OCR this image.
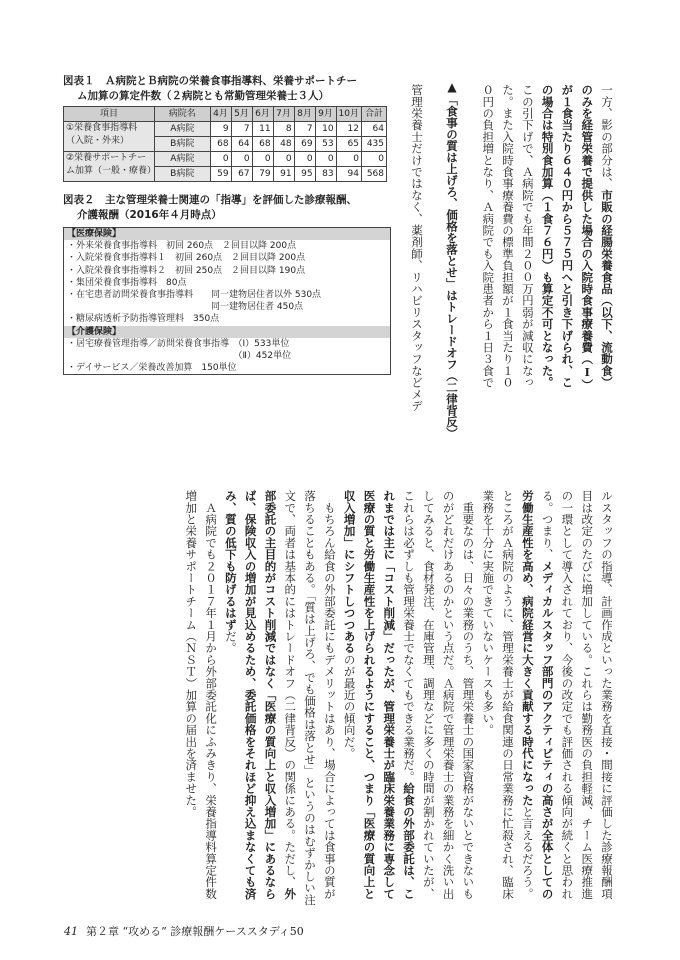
図表１　Ａ病院とＢ病院の栄養食事指導料、栄養サポートチー
ム加算の算定件数（２病院とも常勤管理栄養士３人）
項目	病院名	4月	5月	6月	7月	8月	9月	10月	合計
①栄養食事指導料（入院・外来）	A病院	9	7	11	8	7	10	12	64
	B病院	68	64	68	48	69	53	65	435
②栄養サポートチーム加算（一般・療養）	A病院	0	0	0	0	0	0	0	0
	B病院	59	67	79	91	95	83	94	568
図表２　主な管理栄養士関連の「指導」を評価した診療報酬、
介護報酬（2016年４月時点）
【医療保険】
・外来栄養食事指導料　初回 260点　２回目以降 200点
・入院栄養食事指導料１　初回 260点　２回目以降 200点
・入院栄養食事指導料２　初回 250点　２回目以降 190点
・集団栄養食事指導料　80点
・在宅患者訪問栄養食事指導料　　同一建物居住者以外 530点
　　　　　　　　　　　　　　　　同一建物居住者 450点
・糖尿病透析予防指導管理料　350点
【介護保険】
・居宅療養管理指導／訪問栄養食事指導　（Ⅰ）533単位
　　　　　　　　　　　　　　　　　　　（Ⅱ）452単位
・デイサービス／栄養改善加算　150単位
一方、影の部分は、市販の経腸栄養食品（以下、流動食）のみを経管栄養で提供した場合の入院時食事療養費（Ⅰ）が１食当たり６４０円から５７５円へと引き下げられ、この場合は特別食加算（１食７６円）も算定不可となった。この引下げで、Ａ病院でも年間２００万円弱が減収になった。また入院時食事療養費の標準負担額が１食当たり１００円の負担増となり、Ａ病院でも入院患者から１日３食で
▲「食事の質は上げろ、価格を落とせ」はトレードオフ（二律背反）
管理栄養士だけではなく、薬剤師、リハビリスタッフなどメデ
ルスタッフの指導、計画作成といった業務を直接・間接に評価した診療報酬項目は改定のたびに増加している。これらは勤務医の負担軽減、チーム医療推進の一環として導入されており、今後の改定でも評価される傾向が続くと思われる。つまり、メディカルスタッフ部門のアクティビティの高さが全体としての労働生産性を高め、病院経営に大きく貢献する時代になったと言えるだろう。ところがＡ病院のように、管理栄養士が給食関連の日常業務に忙殺され、臨床業務を十分に実施できていないケースも多い。
　重要なのは、日々の業務のうち、管理栄養士の国家資格がないとできないものがどれだけあるのかという点だ。Ａ病院で管理栄養士の業務を細かく洗い出してみると、食材発注、在庫管理、調理などに多くの時間が割かれていたが、これらは必ずしも管理栄養士でなくてもできる業務だ。給食の外部委託は、これまでは主に「コスト削減」だったが、管理栄養士が臨床栄養業務に専念して医療の質と労働生産性を上げられるようにすること、つまり「医療の質向上と収入増加」にシフトしつつあるのが最近の傾向だ。
　もちろん給食の外部委託にもデメリットはあり、場合によっては食事の質が落ちることもある。「質は上げろ、でも価格は落とせ」というのはむずかしい注文で、両者は基本的にはトレードオフ（二律背反）の関係にある。ただし、外部委託の主目的がコスト削減ではなく「医療の質向上と収入増加」にあるならば、保険収入の増加が見込めるため、委託価格をそれほど抑え込まなくても済み、質の低下も防げるはずだ。
　Ａ病院でも２０１７年１月から外部委託化にふみきり、栄養指導料算定件数増加と栄養サポートチーム（ＮＳＴ）加算の届出を済ませた。
41 第２章 “攻める” 診療報酬ケーススタディ50
